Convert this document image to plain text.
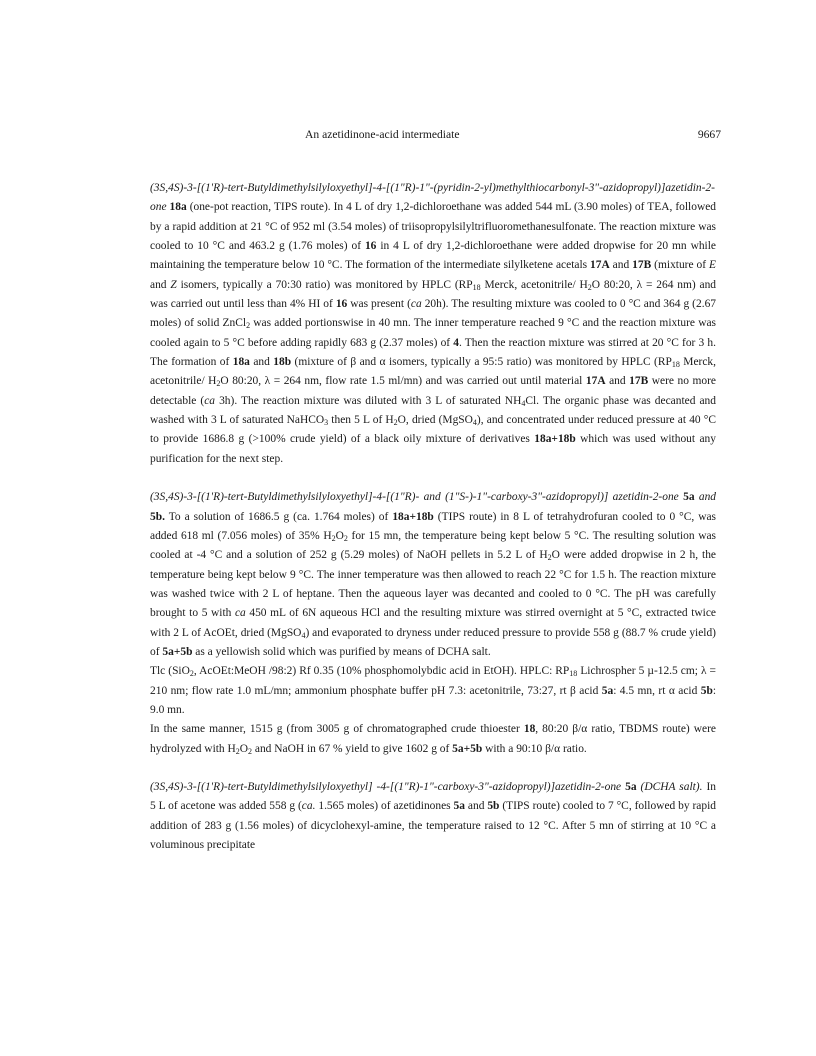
An azetidinone-acid intermediate	9667

(3S,4S)-3-[(1'R)-tert-Butyldimethylsilyloxyethyl]-4-[(1"R)-1"-(pyridin-2-yl)methylthiocarbonyl-3"-azidopropyl)]azetidin-2-one 18a (one-pot reaction, TIPS route). In 4 L of dry 1,2-dichloroethane was added 544 mL (3.90 moles) of TEA, followed by a rapid addition at 21 °C of 952 ml (3.54 moles) of triisopropylsilyltrifluoromethanesulfonate. The reaction mixture was cooled to 10 °C and 463.2 g (1.76 moles) of 16 in 4 L of dry 1,2-dichloroethane were added dropwise for 20 mn while maintaining the temperature below 10 °C. The formation of the intermediate silylketene acetals 17A and 17B (mixture of E and Z isomers, typically a 70:30 ratio) was monitored by HPLC ($RP_{18}$ Merck, acetonitrile/ $H_2O$ 80:20, λ = 264 nm) and was carried out until less than 4% HI of 16 was present (ca 20h). The resulting mixture was cooled to 0 °C and 364 g (2.67 moles) of solid ZnCl$_2$ was added portionswise in 40 mn. The inner temperature reached 9 °C and the reaction mixture was cooled again to 5 °C before adding rapidly 683 g (2.37 moles) of 4. Then the reaction mixture was stirred at 20 °C for 3 h. The formation of 18a and 18b (mixture of β and α isomers, typically a 95:5 ratio) was monitored by HPLC ($RP_{18}$ Merck, acetonitrile/ $H_2O$ 80:20, λ = 264 nm, flow rate 1.5 ml/mn) and was carried out until material 17A and 17B were no more detectable (ca 3h). The reaction mixture was diluted with 3 L of saturated $NH_4Cl$. The organic phase was decanted and washed with 3 L of saturated NaHCO$_3$ then 5 L of $H_2O$, dried (MgSO$_4$), and concentrated under reduced pressure at 40 °C to provide 1686.8 g (>100% crude yield) of a black oily mixture of derivatives 18a+18b which was used without any purification for the next step.

(3S,4S)-3-[(1'R)-tert-Butyldimethylsilyloxyethyl]-4-[(1"R)- and (1"S-)-1"-carboxy-3"-azidopropyl)] azetidin-2-one 5a and 5b. To a solution of 1686.5 g (ca. 1.764 moles) of 18a+18b (TIPS route) in 8 L of tetrahydrofuran cooled to 0 °C, was added 618 ml (7.056 moles) of 35% $H_2O_2$ for 15 mn, the temperature being kept below 5 °C. The resulting solution was cooled at -4 °C and a solution of 252 g (5.29 moles) of NaOH pellets in 5.2 L of $H_2O$ were added dropwise in 2 h, the temperature being kept below 9 °C. The inner temperature was then allowed to reach 22 °C for 1.5 h. The reaction mixture was washed twice with 2 L of heptane. Then the aqueous layer was decanted and cooled to 0 °C. The pH was carefully brought to 5 with ca 450 mL of 6N aqueous HCl and the resulting mixture was stirred overnight at 5 °C, extracted twice with 2 L of AcOEt, dried (MgSO$_4$) and evaporated to dryness under reduced pressure to provide 558 g (88.7 % crude yield) of 5a+5b as a yellowish solid which was purified by means of DCHA salt.

Tlc (SiO$_2$, AcOEt:MeOH /98:2) Rf 0.35 (10% phosphomolybdic acid in EtOH). HPLC: $RP_{18}$ Lichrospher 5 µ-12.5 cm; λ = 210 nm; flow rate 1.0 mL/mn; ammonium phosphate buffer pH 7.3: acetonitrile, 73:27, rt β acid 5a: 4.5 mn, rt α acid 5b: 9.0 mn.

In the same manner, 1515 g (from 3005 g of chromatographed crude thioester 18, 80:20 β/α ratio, TBDMS route) were hydrolyzed with $H_2O_2$ and NaOH in 67 % yield to give 1602 g of 5a+5b with a 90:10 β/α ratio.

(3S,4S)-3-[(1'R)-tert-Butyldimethylsilyloxyethyl] -4-[(1"R)-1"-carboxy-3"-azidopropyl)]azetidin-2-one 5a (DCHA salt). In 5 L of acetone was added 558 g (ca. 1.565 moles) of azetidinones 5a and 5b (TIPS route) cooled to 7 °C, followed by rapid addition of 283 g (1.56 moles) of dicyclohexyl-amine, the temperature raised to 12 °C. After 5 mn of stirring at 10 °C a voluminous precipitate
